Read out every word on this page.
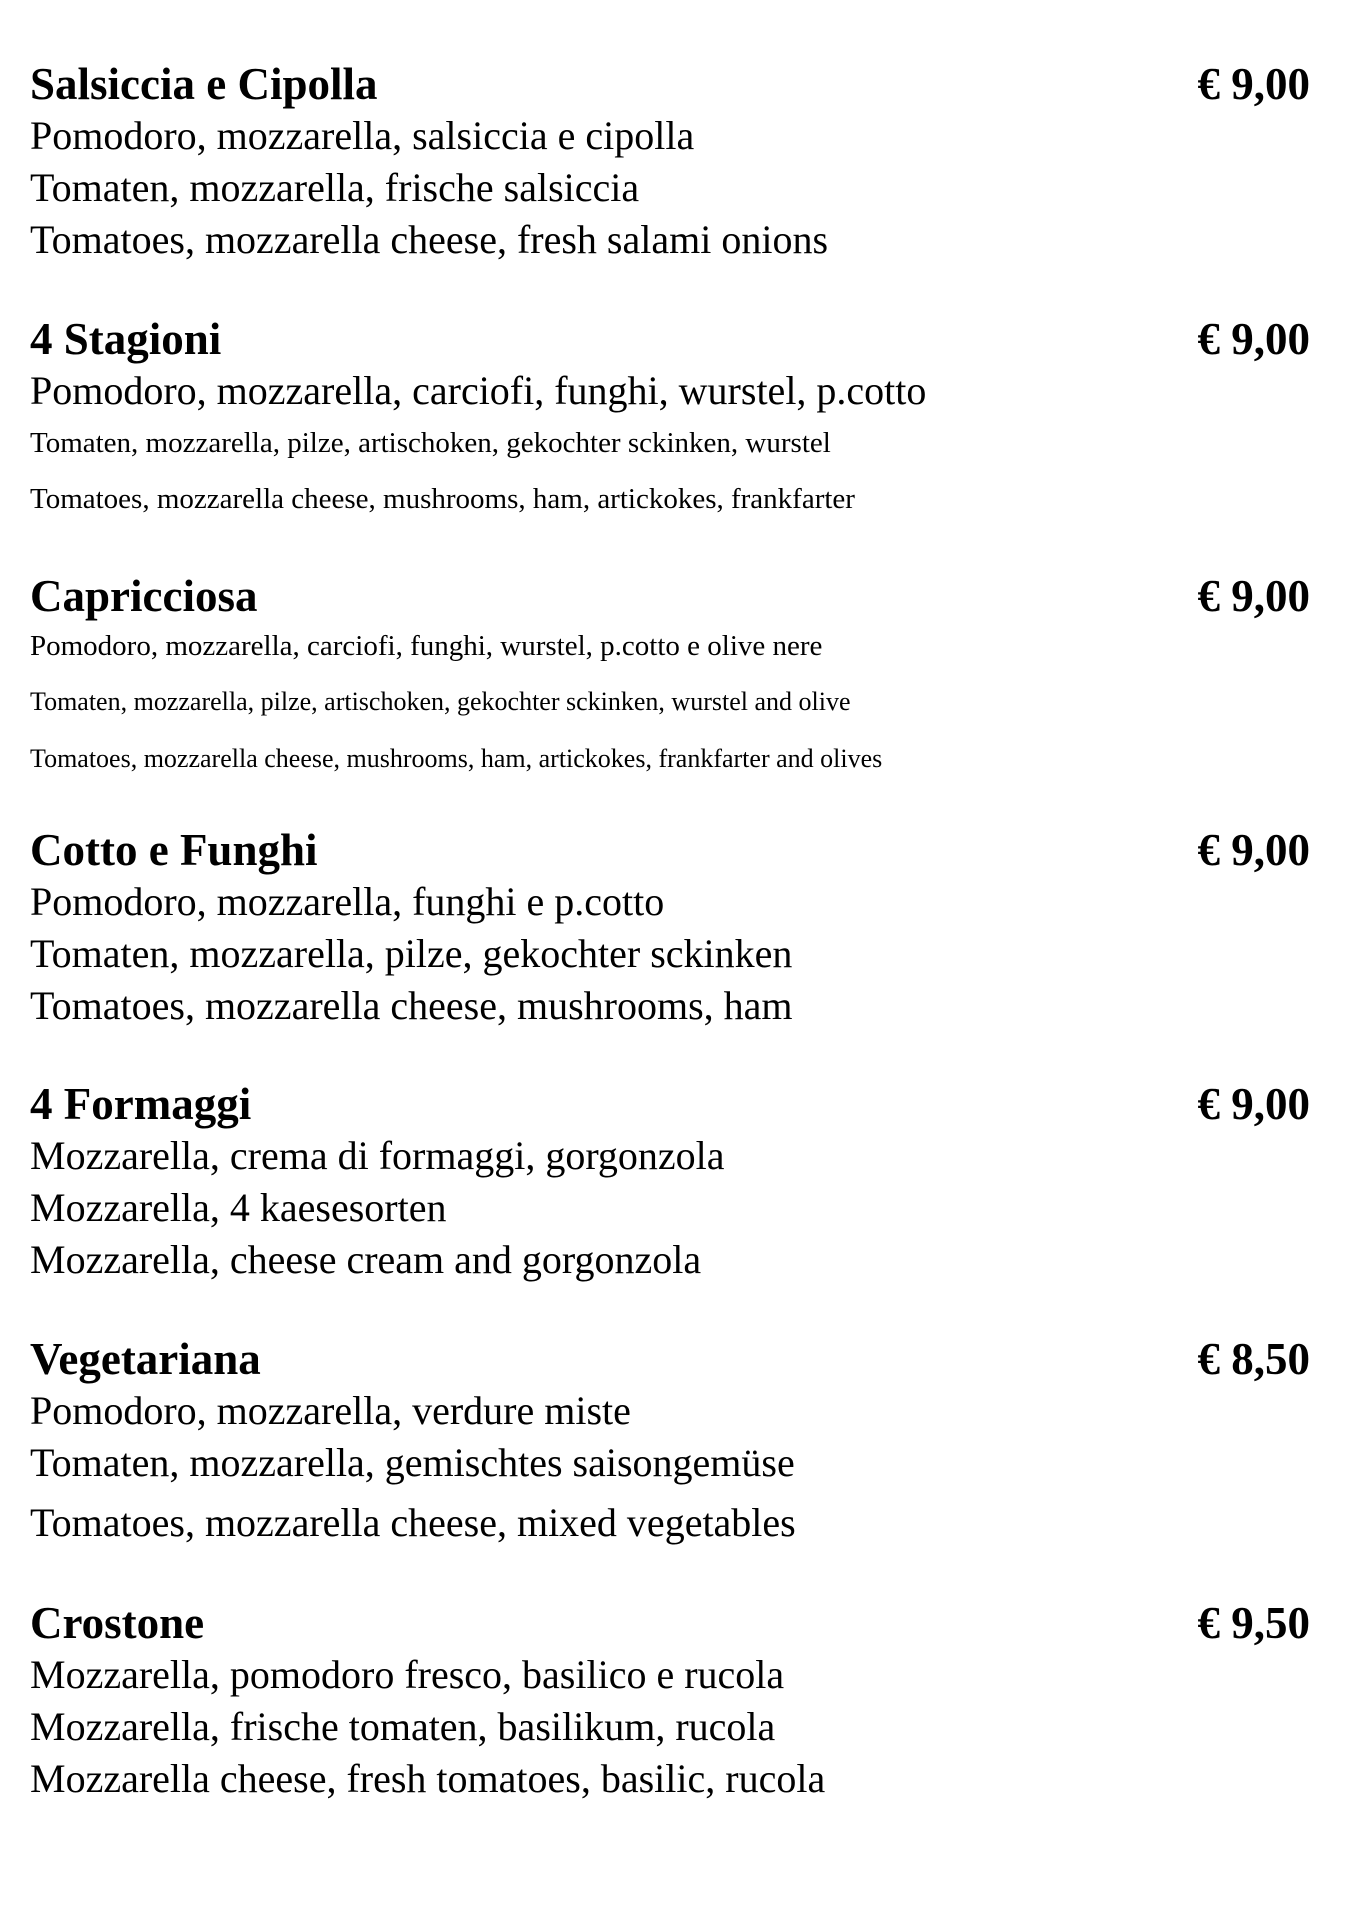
Salsiccia e Cipolla	€ 9,00
Pomodoro, mozzarella, salsiccia e cipolla
Tomaten, mozzarella, frische salsiccia
Tomatoes, mozzarella cheese, fresh salami onions
4 Stagioni	€ 9,00
Pomodoro, mozzarella, carciofi, funghi, wurstel, p.cotto
Tomaten, mozzarella, pilze, artischoken, gekochter sckinken, wurstel
Tomatoes, mozzarella cheese, mushrooms, ham, artickokes, frankfarter
Capricciosa	€ 9,00
Pomodoro, mozzarella, carciofi, funghi, wurstel, p.cotto e olive nere
Tomaten, mozzarella, pilze, artischoken, gekochter sckinken, wurstel and olive
Tomatoes, mozzarella cheese, mushrooms, ham, artickokes, frankfarter and olives
Cotto e Funghi	€ 9,00
Pomodoro, mozzarella, funghi e p.cotto
Tomaten, mozzarella, pilze, gekochter sckinken
Tomatoes, mozzarella cheese, mushrooms, ham
4 Formaggi	€ 9,00
Mozzarella, crema di formaggi, gorgonzola
Mozzarella, 4 kaesesorten
Mozzarella, cheese cream and gorgonzola
Vegetariana	€ 8,50
Pomodoro, mozzarella, verdure miste
Tomaten, mozzarella, gemischtes saisongemüse
Tomatoes, mozzarella cheese, mixed vegetables
Crostone	€ 9,50
Mozzarella, pomodoro fresco, basilico e rucola
Mozzarella, frische tomaten, basilikum, rucola
Mozzarella cheese, fresh tomatoes, basilic, rucola
